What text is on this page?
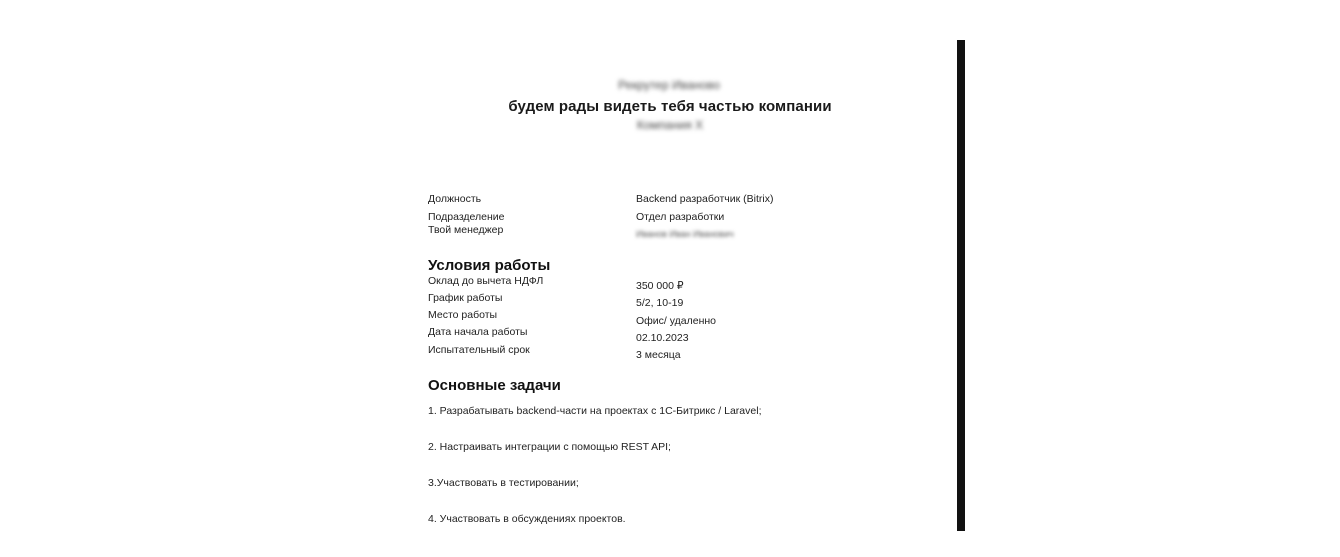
Рекрутер Иваново
будем рады видеть тебя частью компании
Компания Х
Должность	Backend разработчик (Bitrix)
Подразделение	Отдел разработки
Твой менеджер	Иванов Иван Иванович
Условия работы
Оклад до вычета НДФЛ	350 000 ₽
График работы	5/2, 10-19
Место работы	Офис/ удаленно
Дата начала работы	02.10.2023
Испытательный срок	3 месяца
Основные задачи
1. Разрабатывать backend-части на проектах с 1С-Битрикс / Laravel;
2. Настраивать интеграции с помощью REST API;
3.Участвовать в тестировании;
4. Участвовать в обсуждениях проектов.
